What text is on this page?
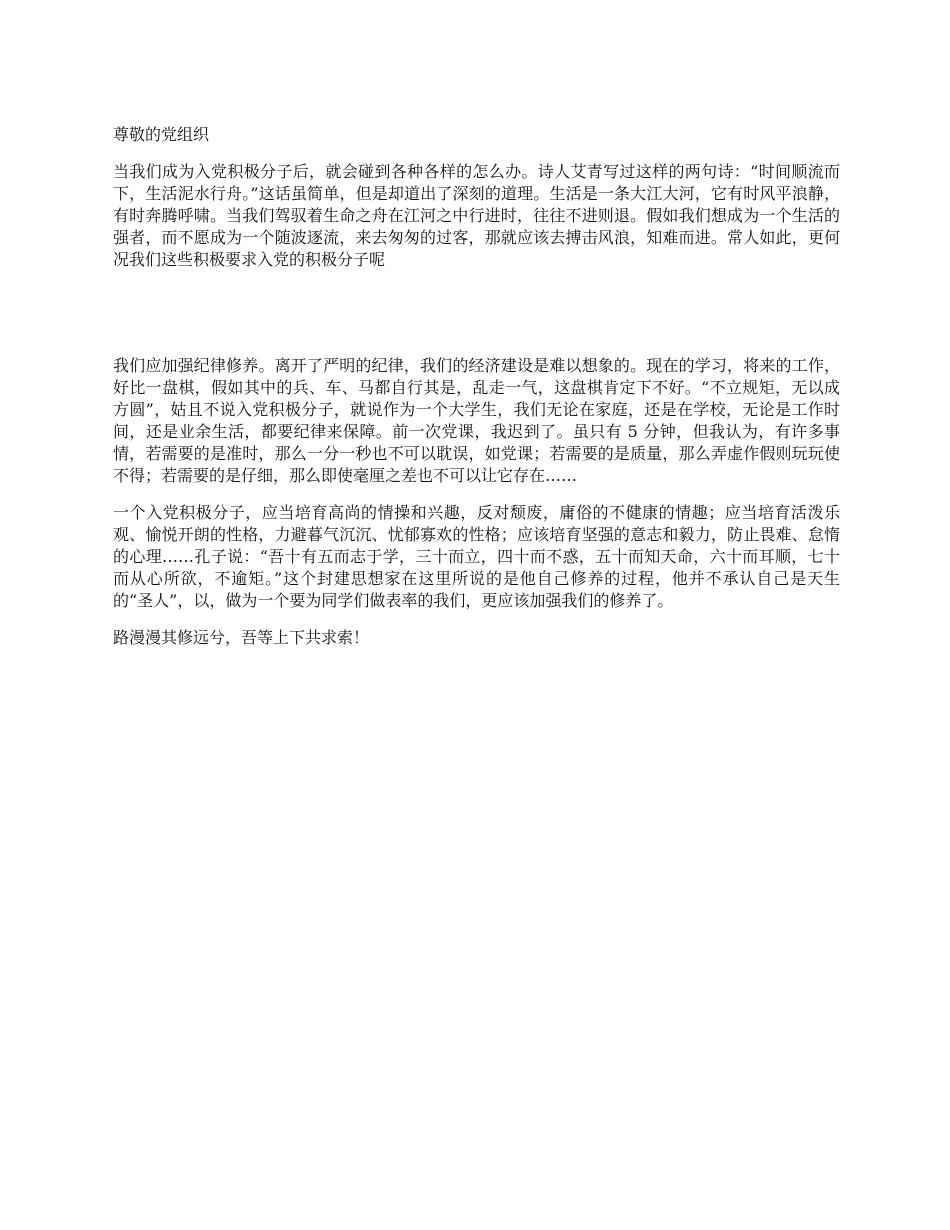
尊敬的党组织

当我们成为入党积极分子后，就会碰到各种各样的怎么办。诗人艾青写过这样的两句诗：“时间顺流而下，生活泥水行舟。”这话虽简单，但是却道出了深刻的道理。生活是一条大江大河，它有时风平浪静，有时奔腾呼啸。当我们驾驭着生命之舟在江河之中行进时，往往不进则退。假如我们想成为一个生活的强者，而不愿成为一个随波逐流，来去匆匆的过客，那就应该去搏击风浪，知难而进。常人如此，更何况我们这些积极要求入党的积极分子呢

我们应加强纪律修养。离开了严明的纪律，我们的经济建设是难以想象的。现在的学习，将来的工作，好比一盘棋，假如其中的兵、车、马都自行其是，乱走一气，这盘棋肯定下不好。“不立规矩，无以成方圆”，姑且不说入党积极分子，就说作为一个大学生，我们无论在家庭，还是在学校，无论是工作时间，还是业余生活，都要纪律来保障。前一次党课，我迟到了。虽只有 5 分钟，但我认为，有许多事情，若需要的是准时，那么一分一秒也不可以耽误，如党课；若需要的是质量，那么弄虚作假则玩玩使不得；若需要的是仔细，那么即使毫厘之差也不可以让它存在……

一个入党积极分子，应当培育高尚的情操和兴趣，反对颓废，庸俗的不健康的情趣；应当培育活泼乐观、愉悦开朗的性格，力避暮气沉沉、忧郁寡欢的性格；应该培育坚强的意志和毅力，防止畏难、怠惰的心理……孔子说：“吾十有五而志于学，三十而立，四十而不惑，五十而知天命，六十而耳顺，七十而从心所欲，不逾矩。”这个封建思想家在这里所说的是他自己修养的过程，他并不承认自己是天生的“圣人”，以，做为一个要为同学们做表率的我们，更应该加强我们的修养了。

路漫漫其修远兮，吾等上下共求索！
